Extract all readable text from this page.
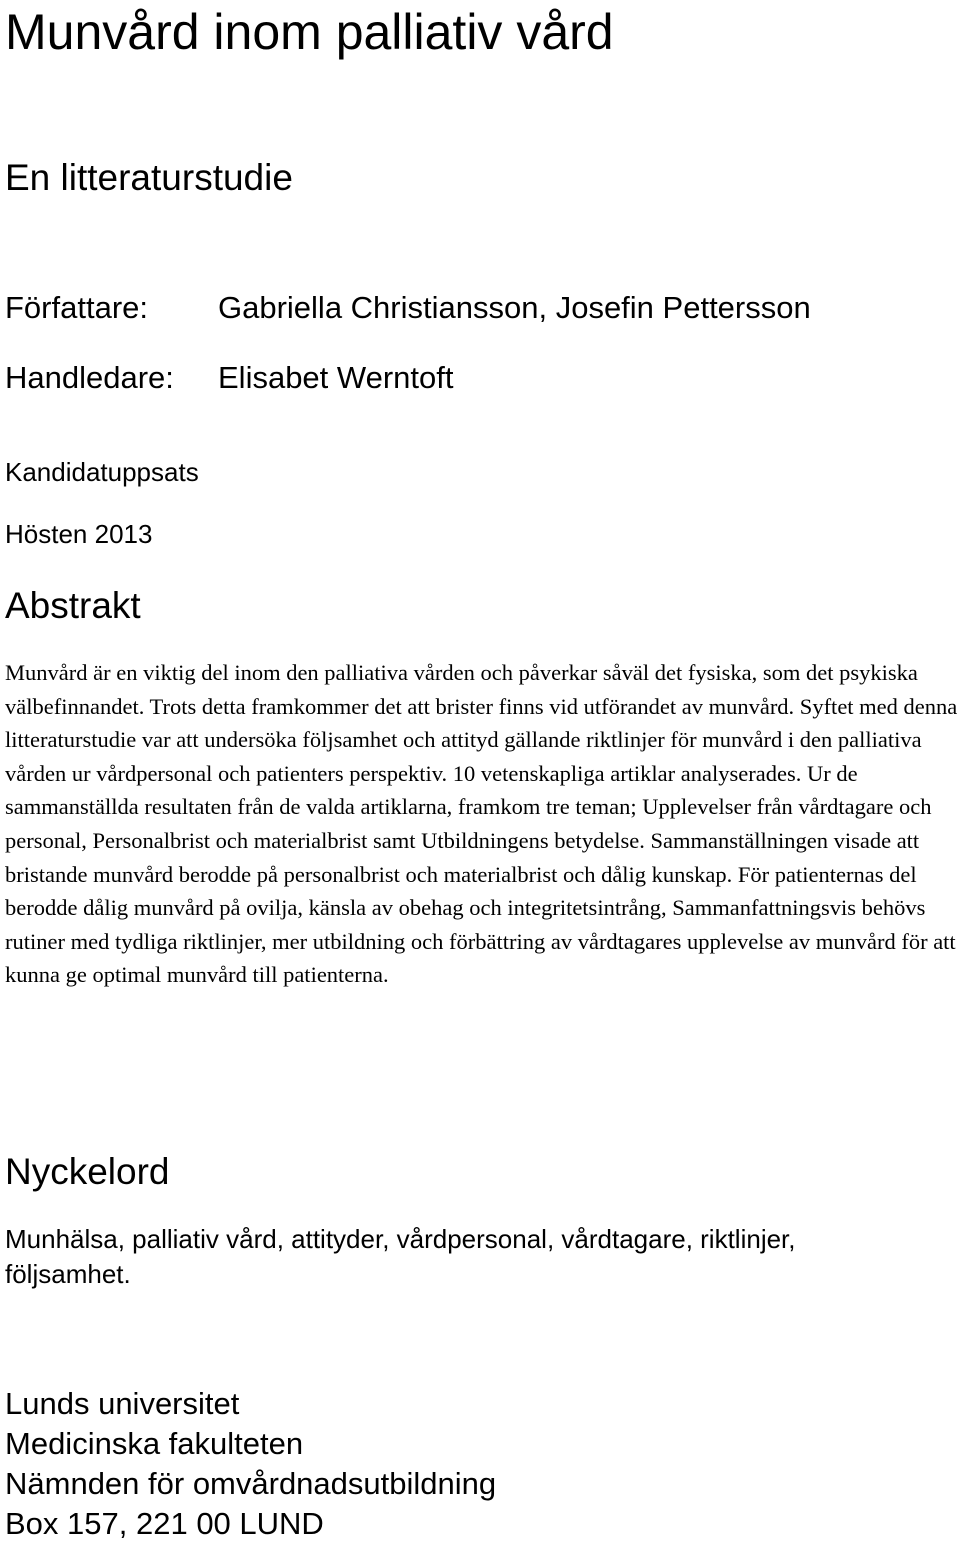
Munvård inom palliativ vård
En litteraturstudie
Författare: Gabriella Christiansson, Josefin Pettersson
Handledare: Elisabet Werntoft
Kandidatuppsats
Hösten 2013
Abstrakt

Munvård är en viktig del inom den palliativa vården och påverkar såväl det fysiska, som det psykiska välbefinnandet. Trots detta framkommer det att brister finns vid utförandet av munvård. Syftet med denna litteraturstudie var att undersöka följsamhet och attityd gällande riktlinjer för munvård i den palliativa vården ur vårdpersonal och patienters perspektiv. 10 vetenskapliga artiklar analyserades. Ur de sammanställda resultaten från de valda artiklarna, framkom tre teman; Upplevelser från vårdtagare och personal, Personalbrist och materialbrist samt Utbildningens betydelse. Sammanställningen visade att bristande munvård berodde på personalbrist och materialbrist och dålig kunskap. För patienternas del berodde dålig munvård på ovilja, känsla av obehag och integritetsintrång, Sammanfattningsvis behövs rutiner med tydliga riktlinjer, mer utbildning och förbättring av vårdtagares upplevelse av munvård för att kunna ge optimal munvård till patienterna.

Nyckelord

Munhälsa, palliativ vård, attityder, vårdpersonal, vårdtagare, riktlinjer, följsamhet.

Lunds universitet
Medicinska fakulteten
Nämnden för omvårdnadsutbildning
Box 157, 221 00 LUND
